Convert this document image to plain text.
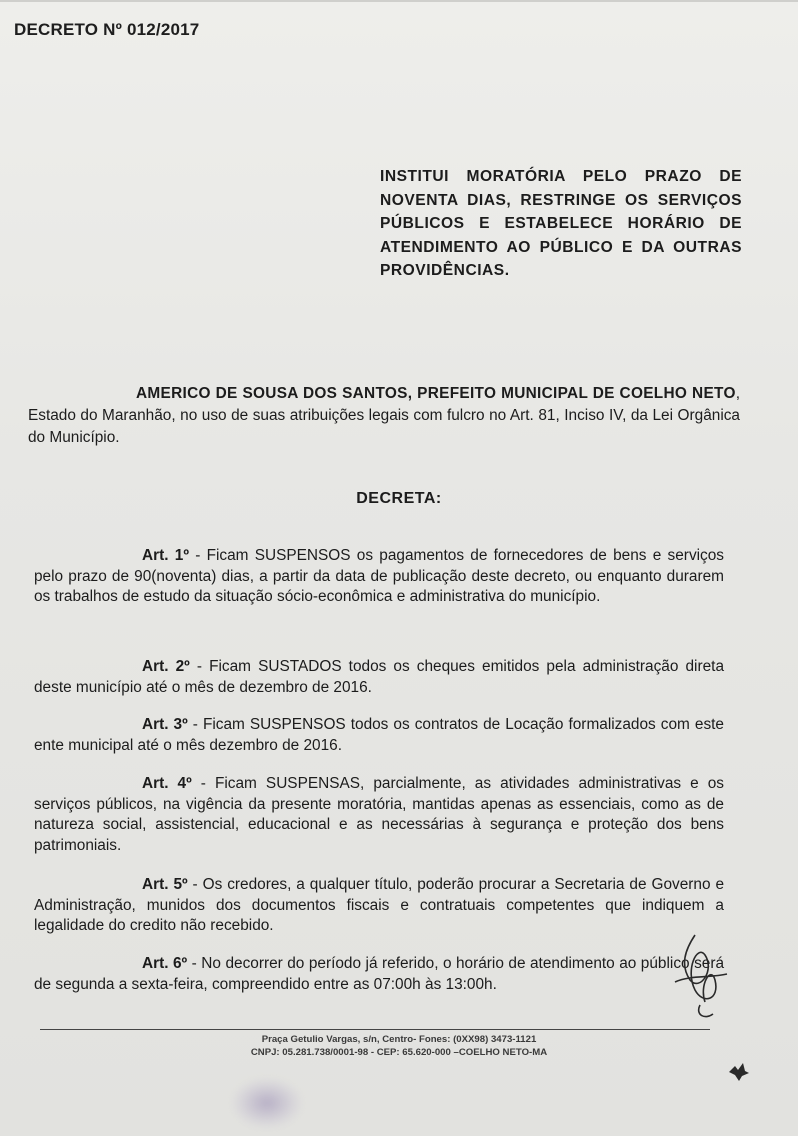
DECRETO Nº 012/2017
INSTITUI MORATÓRIA PELO PRAZO DE NOVENTA DIAS, RESTRINGE OS SERVIÇOS PÚBLICOS E ESTABELECE HORÁRIO DE ATENDIMENTO AO PÚBLICO E DA OUTRAS PROVIDÊNCIAS.
AMERICO DE SOUSA DOS SANTOS, PREFEITO MUNICIPAL DE COELHO NETO, Estado do Maranhão, no uso de suas atribuições legais com fulcro no Art. 81, Inciso IV, da Lei Orgânica do Município.
DECRETA:
Art. 1º - Ficam SUSPENSOS os pagamentos de fornecedores de bens e serviços pelo prazo de 90(noventa) dias, a partir da data de publicação deste decreto, ou enquanto durarem os trabalhos de estudo da situação sócio-econômica e administrativa do município.
Art. 2º - Ficam SUSTADOS todos os cheques emitidos pela administração direta deste município até o mês de dezembro de 2016.
Art. 3º - Ficam SUSPENSOS todos os contratos de Locação formalizados com este ente municipal até o mês dezembro de 2016.
Art. 4º - Ficam SUSPENSAS, parcialmente, as atividades administrativas e os serviços públicos, na vigência da presente moratória, mantidas apenas as essenciais, como as de natureza social, assistencial, educacional e as necessárias à segurança e proteção dos bens patrimoniais.
Art. 5º - Os credores, a qualquer título, poderão procurar a Secretaria de Governo e Administração, munidos dos documentos fiscais e contratuais competentes que indiquem a legalidade do credito não recebido.
Art. 6º - No decorrer do período já referido, o horário de atendimento ao público será de segunda a sexta-feira, compreendido entre as 07:00h às 13:00h.
Praça Getulio Vargas, s/n, Centro- Fones: (0XX98) 3473-1121
CNPJ: 05.281.738/0001-98 - CEP: 65.620-000 –COELHO NETO-MA
